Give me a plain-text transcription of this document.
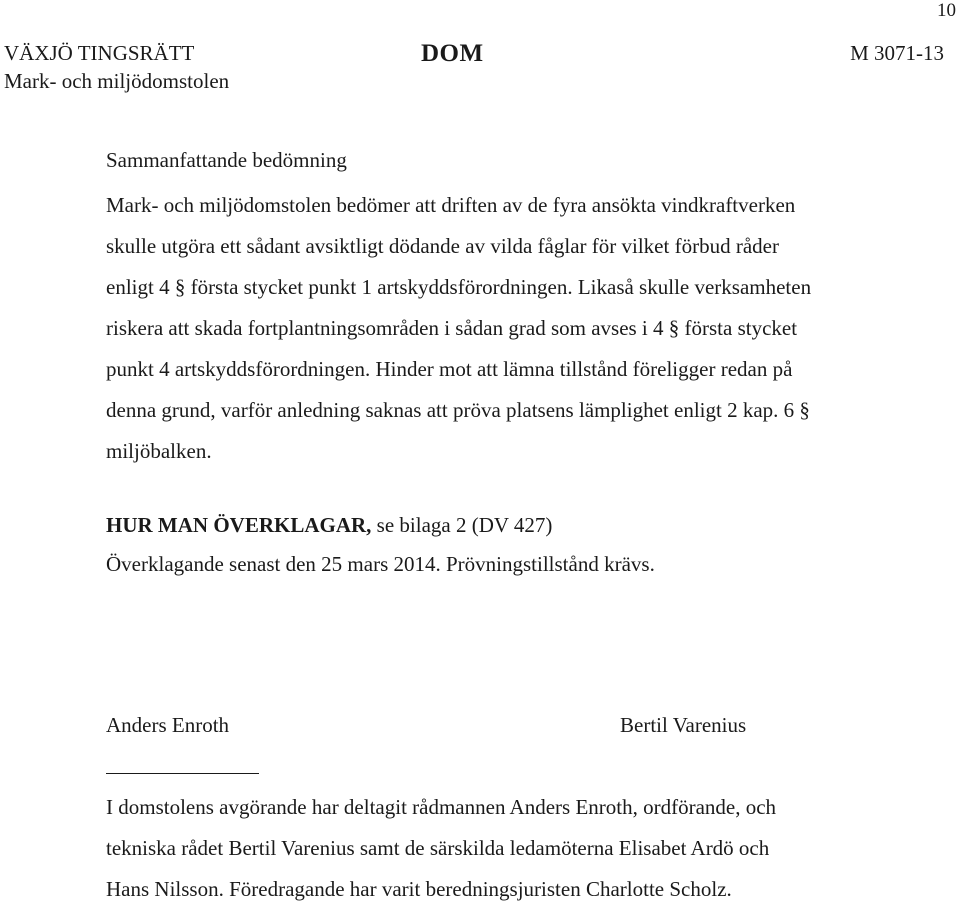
10
VÄXJÖ TINGSRÄTT
Mark- och miljödomstolen
DOM	M 3071-13
Sammanfattande bedömning
Mark- och miljödomstolen bedömer att driften av de fyra ansökta vindkraftverken
skulle utgöra ett sådant avsiktligt dödande av vilda fåglar för vilket förbud råder
enligt 4 § första stycket punkt 1 artskyddsförordningen. Likaså skulle verksamheten
riskera att skada fortplantningsområden i sådan grad som avses i 4 § första stycket
punkt 4 artskyddsförordningen. Hinder mot att lämna tillstånd föreligger redan på
denna grund, varför anledning saknas att pröva platsens lämplighet enligt 2 kap. 6 §
miljöbalken.
HUR MAN ÖVERKLAGAR, se bilaga 2 (DV 427)
Överklagande senast den 25 mars 2014. Prövningstillstånd krävs.
Anders Enroth	Bertil Varenius
I domstolens avgörande har deltagit rådmannen Anders Enroth, ordförande, och
tekniska rådet Bertil Varenius samt de särskilda ledamöterna Elisabet Ardö och
Hans Nilsson. Föredragande har varit beredningsjuristen Charlotte Scholz.
